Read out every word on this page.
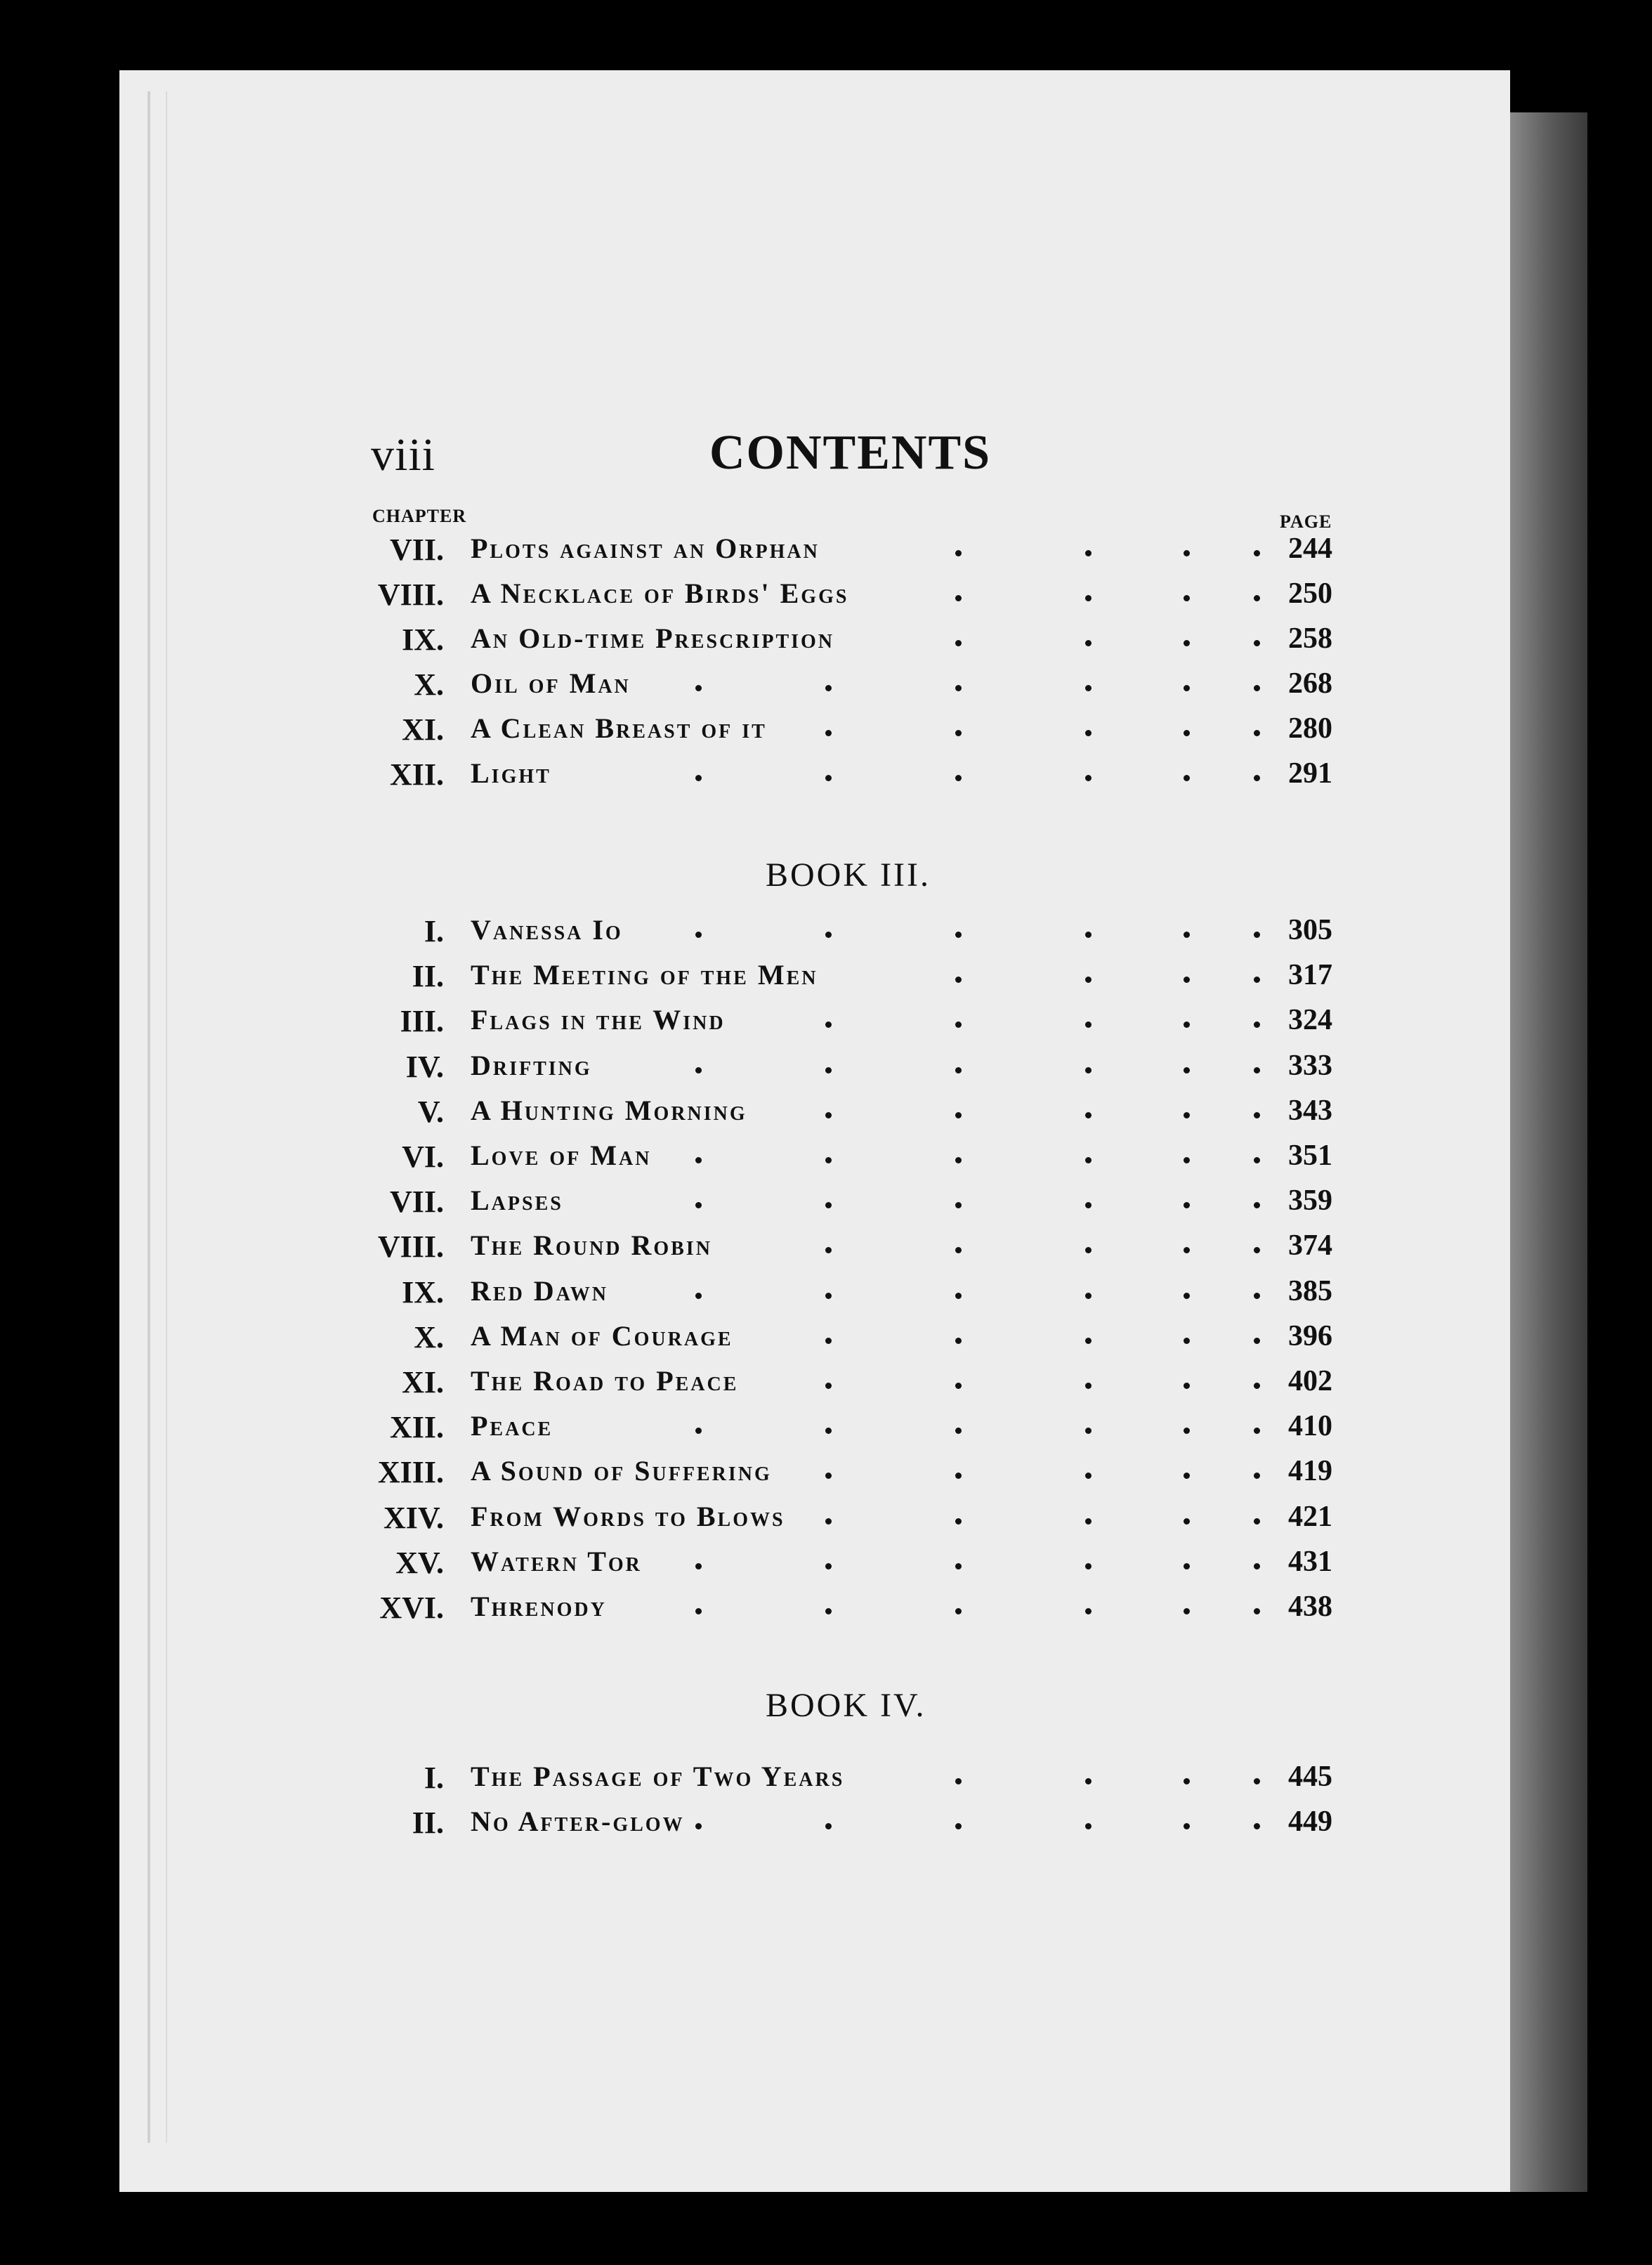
viii	CONTENTS
CHAPTER	PAGE
VII. Plots against an Orphan	244
VIII. A Necklace of Birds' Eggs	250
IX. An Old-time Prescription	258
X. Oil of Man	268
XI. A Clean Breast of it	280
XII. Light	291
BOOK III.
I. Vanessa Io	305
II. The Meeting of the Men	317
III. Flags in the Wind	324
IV. Drifting	333
V. A Hunting Morning	343
VI. Love of Man	351
VII. Lapses	359
VIII. The Round Robin	374
IX. Red Dawn	385
X. A Man of Courage	396
XI. The Road to Peace	402
XII. Peace	410
XIII. A Sound of Suffering	419
XIV. From Words to Blows	421
XV. Watern Tor	431
XVI. Threnody	438
BOOK IV.
I. The Passage of Two Years	445
II. No After-glow	449
